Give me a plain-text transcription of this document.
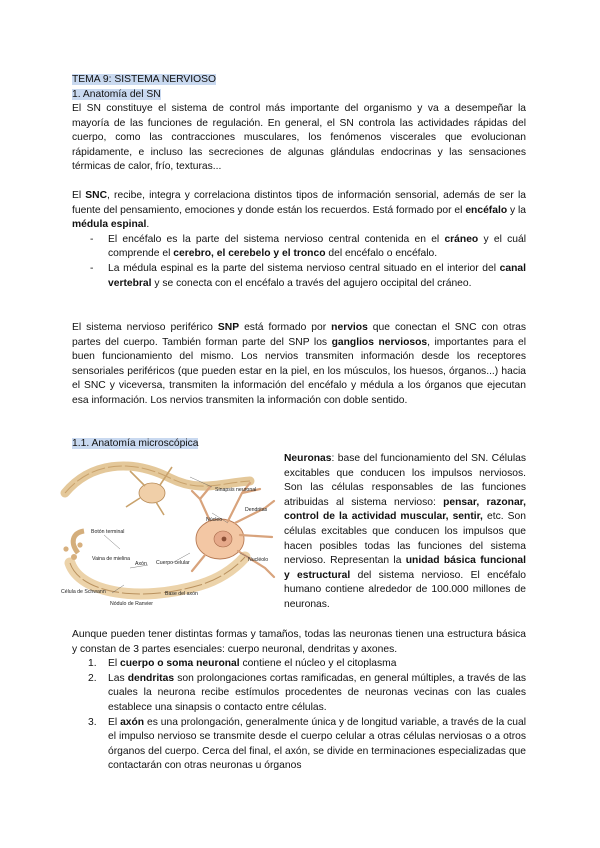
TEMA 9: SISTEMA NERVIOSO
1. Anatomía del SN

El SN constituye el sistema de control más importante del organismo y va a desempeñar la mayoría de las funciones de regulación. En general, el SN controla las actividades rápidas del cuerpo, como las contracciones musculares, los fenómenos viscerales que evolucionan rápidamente, e incluso las secreciones de algunas glándulas endocrinas y las sensaciones térmicas de calor, frío, texturas...

El SNC, recibe, integra y correlaciona distintos tipos de información sensorial, además de ser la fuente del pensamiento, emociones y donde están los recuerdos. Está formado por el encéfalo y la médula espinal.

- El encéfalo es la parte del sistema nervioso central contenida en el cráneo y el cuál comprende el cerebro, el cerebelo y el tronco del encéfalo o encéfalo.
- La médula espinal es la parte del sistema nervioso central situado en el interior del canal vertebral y se conecta con el encéfalo a través del agujero occipital del cráneo.

El sistema nervioso periférico SNP está formado por nervios que conectan el SNC con otras partes del cuerpo. También forman parte del SNP los ganglios nerviosos, importantes para el buen funcionamiento del mismo. Los nervios transmiten información desde los receptores sensoriales periféricos (que pueden estar en la piel, en los músculos, los huesos, órganos...) hacia el SNC y viceversa, transmiten la información del encéfalo y médula a los órganos que ejecutan esa información. Los nervios transmiten la información con doble sentido.

1.1. Anatomía microscópica
Sinapsis neuronal
Dendritas
Núcleo
Botón terminal
Vaina de mielina
Axón Cuerpo celular	Nucléolo
Célula de Schwann
Nódulo de Ranvier
Base del axón

Neuronas: base del funcionamiento del SN. Células excitables que conducen los impulsos nerviosos. Son las células responsables de las funciones atribuidas al sistema nervioso: pensar, razonar, control de la actividad muscular, sentir, etc. Son células excitables que conducen los impulsos que hacen posibles todas las funciones del sistema nervioso. Representan la unidad básica funcional y estructural del sistema nervioso. El encéfalo humano contiene alrededor de 100.000 millones de neuronas.

Aunque pueden tener distintas formas y tamaños, todas las neuronas tienen una estructura básica y constan de 3 partes esenciales: cuerpo neuronal, dendritas y axones.

1. El cuerpo o soma neuronal contiene el núcleo y el citoplasma
2. Las dendritas son prolongaciones cortas ramificadas, en general múltiples, a través de las cuales la neurona recibe estímulos procedentes de neuronas vecinas con las cuales establece una sinapsis o contacto entre células.
3. El axón es una prolongación, generalmente única y de longitud variable, a través de la cual el impulso nervioso se transmite desde el cuerpo celular a otras células nerviosas o a otros órganos del cuerpo. Cerca del final, el axón, se divide en terminaciones especializadas que contactarán con otras neuronas u órganos
